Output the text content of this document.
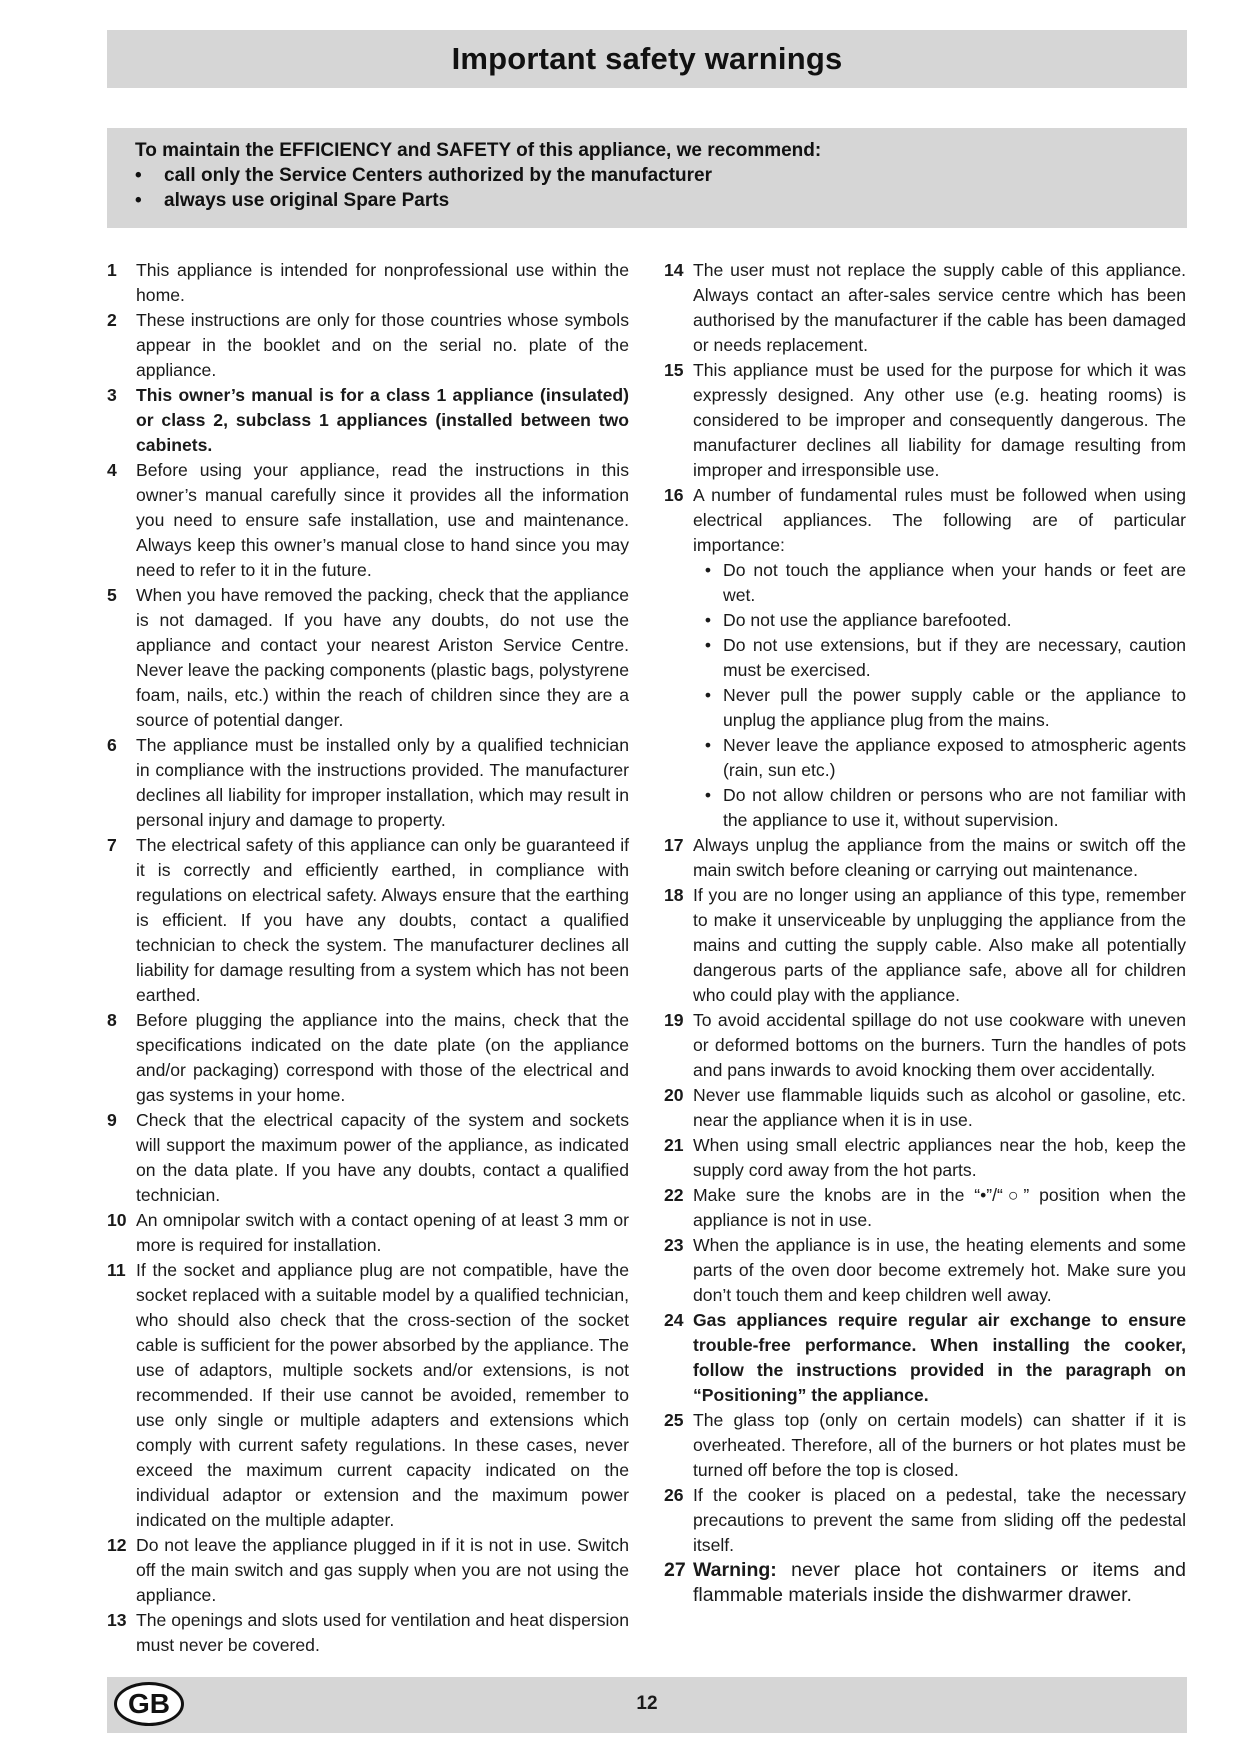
Important safety warnings
To maintain the EFFICIENCY and SAFETY of this appliance, we recommend:
•	call only the Service Centers authorized by the manufacturer
•	always use original Spare Parts
1	This appliance is intended for nonprofessional use within the home.
2	These instructions are only for those countries whose symbols appear in the booklet and on the serial no. plate of the appliance.
3	This owner’s manual is for a class 1 appliance (insulated) or class 2, subclass 1 appliances (installed between two cabinets.
4	Before using your appliance, read the instructions in this owner’s manual carefully since it provides all the information you need to ensure safe installation, use and maintenance. Always keep this owner’s manual close to hand since you may need to refer to it in the future.
5	When you have removed the packing, check that the appliance is not damaged. If you have any doubts, do not use the appliance and contact your nearest Ariston Service Centre. Never leave the packing components (plastic bags, polystyrene foam, nails, etc.) within the reach of children since they are a source of potential danger.
6	The appliance must be installed only by a qualified technician in compliance with the instructions provided. The manufacturer declines all liability for improper installation, which may result in personal injury and damage to property.
7	The electrical safety of this appliance can only be guaranteed if it is correctly and efficiently earthed, in compliance with regulations on electrical safety. Always ensure that the earthing is efficient. If you have any doubts, contact a qualified technician to check the system. The manufacturer declines all liability for damage resulting from a system which has not been earthed.
8	Before plugging the appliance into the mains, check that the specifications indicated on the date plate (on the appliance and/or packaging) correspond with those of the electrical and gas systems in your home.
9	Check that the electrical capacity of the system and sockets will support the maximum power of the appliance, as indicated on the data plate. If you have any doubts, contact a qualified technician.
10 An omnipolar switch with a contact opening of at least 3 mm or more is required for installation.
11 If the socket and appliance plug are not compatible, have the socket replaced with a suitable model by a qualified technician, who should also check that the cross-section of the socket cable is sufficient for the power absorbed by the appliance. The use of adaptors, multiple sockets and/or extensions, is not recommended. If their use cannot be avoided, remember to use only single or multiple adapters and extensions which comply with current safety regulations. In these cases, never exceed the maximum current capacity indicated on the individual adaptor or extension and the maximum power indicated on the multiple adapter.
12 Do not leave the appliance plugged in if it is not in use. Switch off the main switch and gas supply when you are not using the appliance.
13 The openings and slots used for ventilation and heat dispersion must never be covered.
14 The user must not replace the supply cable of this appliance. Always contact an after-sales service centre which has been authorised by the manufacturer if the cable has been damaged or needs replacement.
15 This appliance must be used for the purpose for which it was expressly designed. Any other use (e.g. heating rooms) is considered to be improper and consequently dangerous. The manufacturer declines all liability for damage resulting from improper and irresponsible use.
16 A number of fundamental rules must be followed when using electrical appliances. The following are of particular importance:
• Do not touch the appliance when your hands or feet are wet.
• Do not use the appliance barefooted.
• Do not use extensions, but if they are necessary, caution must be exercised.
• Never pull the power supply cable or the appliance to unplug the appliance plug from the mains.
• Never leave the appliance exposed to atmospheric agents (rain, sun etc.)
• Do not allow children or persons who are not familiar with the appliance to use it, without supervision.
17 Always unplug the appliance from the mains or switch off the main switch before cleaning or carrying out maintenance.
18 If you are no longer using an appliance of this type, remember to make it unserviceable by unplugging the appliance from the mains and cutting the supply cable. Also make all potentially dangerous parts of the appliance safe, above all for children who could play with the appliance.
19 To avoid accidental spillage do not use cookware with uneven or deformed bottoms on the burners. Turn the handles of pots and pans inwards to avoid knocking them over accidentally.
20 Never use flammable liquids such as alcohol or gasoline, etc. near the appliance when it is in use.
21 When using small electric appliances near the hob, keep the supply cord away from the hot parts.
22 Make sure the knobs are in the “•”/“○” position when the appliance is not in use.
23 When the appliance is in use, the heating elements and some parts of the oven door become extremely hot. Make sure you don’t touch them and keep children well away.
24 Gas appliances require regular air exchange to ensure trouble-free performance. When installing the cooker, follow the instructions provided in the paragraph on “Positioning” the appliance.
25 The glass top (only on certain models) can shatter if it is overheated. Therefore, all of the burners or hot plates must be turned off before the top is closed.
26 If the cooker is placed on a pedestal, take the necessary precautions to prevent the same from sliding off the pedestal itself.
27 Warning: never place hot containers or items and flammable materials inside the dishwarmer drawer.
GB	12
